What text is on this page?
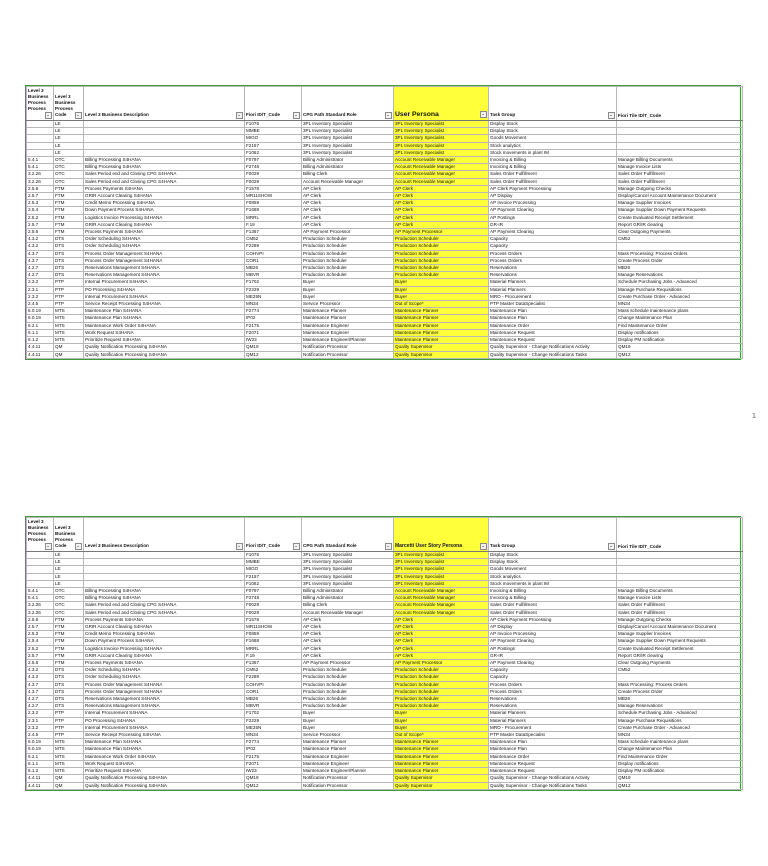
Level 3 Business Process Process	Level 3 Business Process Code	Level 3 Business Description	Fiori ID/T_Code	CPG Path Standard Role	User Persona	Task Group	Fiori Tile ID/T_Code
	LE		F1076	3PL Inventory Specialist	3PL Inventory Specialist	Display Stock	
	LE		MMBE	3PL Inventory Specialist	3PL Inventory Specialist	Display Stock	
	LE		MIGO	3PL Inventory Specialist	3PL Inventory Specialist	Goods Movement	
	LE		F2157	3PL Inventory Specialist	3PL Inventory Specialist	Stock analytics	
	LE		F1062	3PL Inventory Specialist	3PL Inventory Specialist	Stock movements in plant IM	
5.4.1	OTC	Billing Processing S4HANA	F0797	Billing Administrator	Account Receivable Manager	Invoicing & Billing	Manage Billing Documents
5.4.1	OTC	Billing Processing S4HANA	F2748	Billing Administrator	Account Receivable Manager	Invoicing & Billing	Manage Invoice Lists
3.2.26	OTC	Sales Period end and Closing CPG S4HANA	F0029	Billing Clerk	Account Receivable Manager	Sales Order Fulfillment	Sales Order Fulfillment
3.2.26	OTC	Sales Period end and Closing CPG S4HANA	F0029	Account Receivable Manager	Account Receivable Manager	Sales Order Fulfillment	Sales Order Fulfillment
2.5.6	FTM	Process Payments S4HANA	F1578	AP Clerk	AP Clerk	AP Clerk Payment Processing	Manage Outgoing Checks
2.5.7	FTM	GRIR Account Clearing S4HANA	MR11SHOW	AP Clerk	AP Clerk	AP Display	Display/Cancel Account Maintenance Document
2.5.3	FTM	Credit Memo Processing S4HANA	F0859	AP Clerk	AP Clerk	AP Invoice Processing	Manage Supplier Invoices
2.5.4	FTM	Down Payment Process S4HANA	F1688	AP Clerk	AP Clerk	AP Payment Clearing	Manage Supplier Down Payment Requests
2.5.2	FTM	Logistics Invoice Processing S4HANA	MRRL	AP Clerk	AP Clerk	AP Postings	Create Evaluated Receipt Settlement
2.5.7	FTM	GRIR Account Clearing S4HANA	F.19	AP Clerk	AP Clerk	GR-IR	Report GR/IR clearing
2.5.6	FTM	Process Payments S4HANA	F1367	AP Payment Processor	AP Payment Processor	AP Payment Clearing	Clear Outgoing Payments
4.3.2	DTS	Order Scheduling S4HANA	CM52	Production Scheduler	Production Scheduler	Capacity	CM52
4.3.2	DTS	Order Scheduling S4HANA	F2289	Production Scheduler	Production Scheduler	Capacity	
4.3.7	DTS	Process Order Management S4HANA	COHVPI	Production Scheduler	Production Scheduler	Process Orders	Mass Processing: Process Orders
4.3.7	DTS	Process Order Management S4HANA	COR1	Production Scheduler	Production Scheduler	Process Orders	Create Process Order
4.2.7	DTS	Reservations Management S4HANA	MB26	Production Scheduler	Production Scheduler	Reservations	MB26
4.2.7	DTS	Reservations Management S4HANA	MBVR	Production Scheduler	Production Scheduler	Reservations	Manage Reservations
2.3.2	PTP	Internal Procurement S4HANA	F1702	Buyer	Buyer	Material Planners	Schedule Purchasing Jobs - Advanced
2.3.1	PTP	PO Processing S4HANA	F2229	Buyer	Buyer	Material Planners	Manage Purchase Requisitions
2.3.2	PTP	Internal Procurement S4HANA	ME25N	Buyer	Buyer	MRO - Procurement	Create Purchase Order - Advanced
2.4.5	PTP	Service Receipt Processing S4HANA	MN34	Service Processor	Out of Scope*	PTP Master DataSpecialist	MN34
6.0.19	MTS	Maintenance Plan S4HANA	F2774	Maintenance Planner	Maintenance Planner	Maintenance Plan	Mass schedule maintenance plans
6.0.19	MTS	Maintenance Plan S4HANA	IP02	Maintenance Planner	Maintenance Planner	Maintenance Plan	Change Maintenance Plan
6.2.1	MTS	Maintenance Work Order S4HANA	F2175	Maintenance Engineer	Maintenance Planner	Maintenance Order	Find Maintenance Order
6.1.1	MTS	Work Request S4HANA	F2071	Maintenance Engineer	Maintenance Planner	Maintenance Request	Display notifications
6.1.2	MTS	Prioritize Request S4HANA	IW23	Maintenance Engineer/Planner	Maintenance Planner	Maintenance Request	Display PM notification
4.4.11	QM	Quality Notification Processing S4HANA	QM19	Notification Processor	Quality Supervisor	Quality Supervisor - Change Notifications Activity	QM19
4.4.11	QM	Quality Notification Processing S4HANA	QM12	Notification Processor	Quality Supervisor	Quality Supervisor - Change Notifications Tasks	QM12
1
Level 3 Business Process Process	Level 3 Business Process Code	Level 3 Business Description	Fiori ID/T_Code	CPG Path Standard Role	Marcetti User Story Persona	Task Group	Fiori Tile ID/T_Code
	LE		F1076	3PL Inventory Specialist	3PL Inventory Specialist	Display Stock	
	LE		MMBE	3PL Inventory Specialist	3PL Inventory Specialist	Display Stock	
	LE		MIGO	3PL Inventory Specialist	3PL Inventory Specialist	Goods Movement	
	LE		F2157	3PL Inventory Specialist	3PL Inventory Specialist	Stock analytics	
	LE		F1062	3PL Inventory Specialist	3PL Inventory Specialist	Stock movements in plant IM	
5.4.1	OTC	Billing Processing S4HANA	F0797	Billing Administrator	Account Receivable Manager	Invoicing & Billing	Manage Billing Documents
5.4.1	OTC	Billing Processing S4HANA	F2748	Billing Administrator	Account Receivable Manager	Invoicing & Billing	Manage Invoice Lists
3.2.26	OTC	Sales Period end and Closing CPG S4HANA	F0029	Billing Clerk	Account Receivable Manager	Sales Order Fulfillment	Sales Order Fulfillment
3.2.26	OTC	Sales Period end and Closing CPG S4HANA	F0029	Account Receivable Manager	Account Receivable Manager	Sales Order Fulfillment	Sales Order Fulfillment
2.5.6	FTM	Process Payments S4HANA	F1578	AP Clerk	AP Clerk	AP Clerk Payment Processing	Manage Outgoing Checks
2.5.7	FTM	GRIR Account Clearing S4HANA	MR11SHOW	AP Clerk	AP Clerk	AP Display	Display/Cancel Account Maintenance Document
2.5.3	FTM	Credit Memo Processing S4HANA	F0859	AP Clerk	AP Clerk	AP Invoice Processing	Manage Supplier Invoices
2.5.4	FTM	Down Payment Process S4HANA	F1688	AP Clerk	AP Clerk	AP Payment Clearing	Manage Supplier Down Payment Requests
2.5.2	FTM	Logistics Invoice Processing S4HANA	MRRL	AP Clerk	AP Clerk	AP Postings	Create Evaluated Receipt Settlement
2.5.7	FTM	GRIR Account Clearing S4HANA	F.19	AP Clerk	AP Clerk	GR-IR	Report GR/IR clearing
2.5.6	FTM	Process Payments S4HANA	F1367	AP Payment Processor	AP Payment Processor	AP Payment Clearing	Clear Outgoing Payments
4.3.2	DTS	Order Scheduling S4HANA	CM52	Production Scheduler	Production Scheduler	Capacity	CM52
4.3.2	DTS	Order Scheduling S4HANA	F2289	Production Scheduler	Production Scheduler	Capacity	
4.3.7	DTS	Process Order Management S4HANA	COHVPI	Production Scheduler	Production Scheduler	Process Orders	Mass Processing: Process Orders
4.3.7	DTS	Process Order Management S4HANA	COR1	Production Scheduler	Production Scheduler	Process Orders	Create Process Order
4.2.7	DTS	Reservations Management S4HANA	MB26	Production Scheduler	Production Scheduler	Reservations	MB26
4.2.7	DTS	Reservations Management S4HANA	MBVR	Production Scheduler	Production Scheduler	Reservations	Manage Reservations
2.3.2	PTP	Internal Procurement S4HANA	F1702	Buyer	Buyer	Material Planners	Schedule Purchasing Jobs - Advanced
2.3.1	PTP	PO Processing S4HANA	F2229	Buyer	Buyer	Material Planners	Manage Purchase Requisitions
2.3.2	PTP	Internal Procurement S4HANA	ME25N	Buyer	Buyer	MRO - Procurement	Create Purchase Order - Advanced
2.4.5	PTP	Service Receipt Processing S4HANA	MN34	Service Processor	Out of Scope*	PTP Master DataSpecialist	MN34
6.0.19	MTS	Maintenance Plan S4HANA	F2774	Maintenance Planner	Maintenance Planner	Maintenance Plan	Mass schedule maintenance plans
6.0.19	MTS	Maintenance Plan S4HANA	IP02	Maintenance Planner	Maintenance Planner	Maintenance Plan	Change Maintenance Plan
6.2.1	MTS	Maintenance Work Order S4HANA	F2175	Maintenance Engineer	Maintenance Planner	Maintenance Order	Find Maintenance Order
6.1.1	MTS	Work Request S4HANA	F2071	Maintenance Engineer	Maintenance Planner	Maintenance Request	Display notifications
6.1.2	MTS	Prioritize Request S4HANA	IW23	Maintenance Engineer/Planner	Maintenance Planner	Maintenance Request	Display PM notification
4.4.11	QM	Quality Notification Processing S4HANA	QM19	Notification Processor	Quality Supervisor	Quality Supervisor - Change Notifications Activity	QM19
4.4.11	QM	Quality Notification Processing S4HANA	QM12	Notification Processor	Quality Supervisor	Quality Supervisor - Change Notifications Tasks	QM12
